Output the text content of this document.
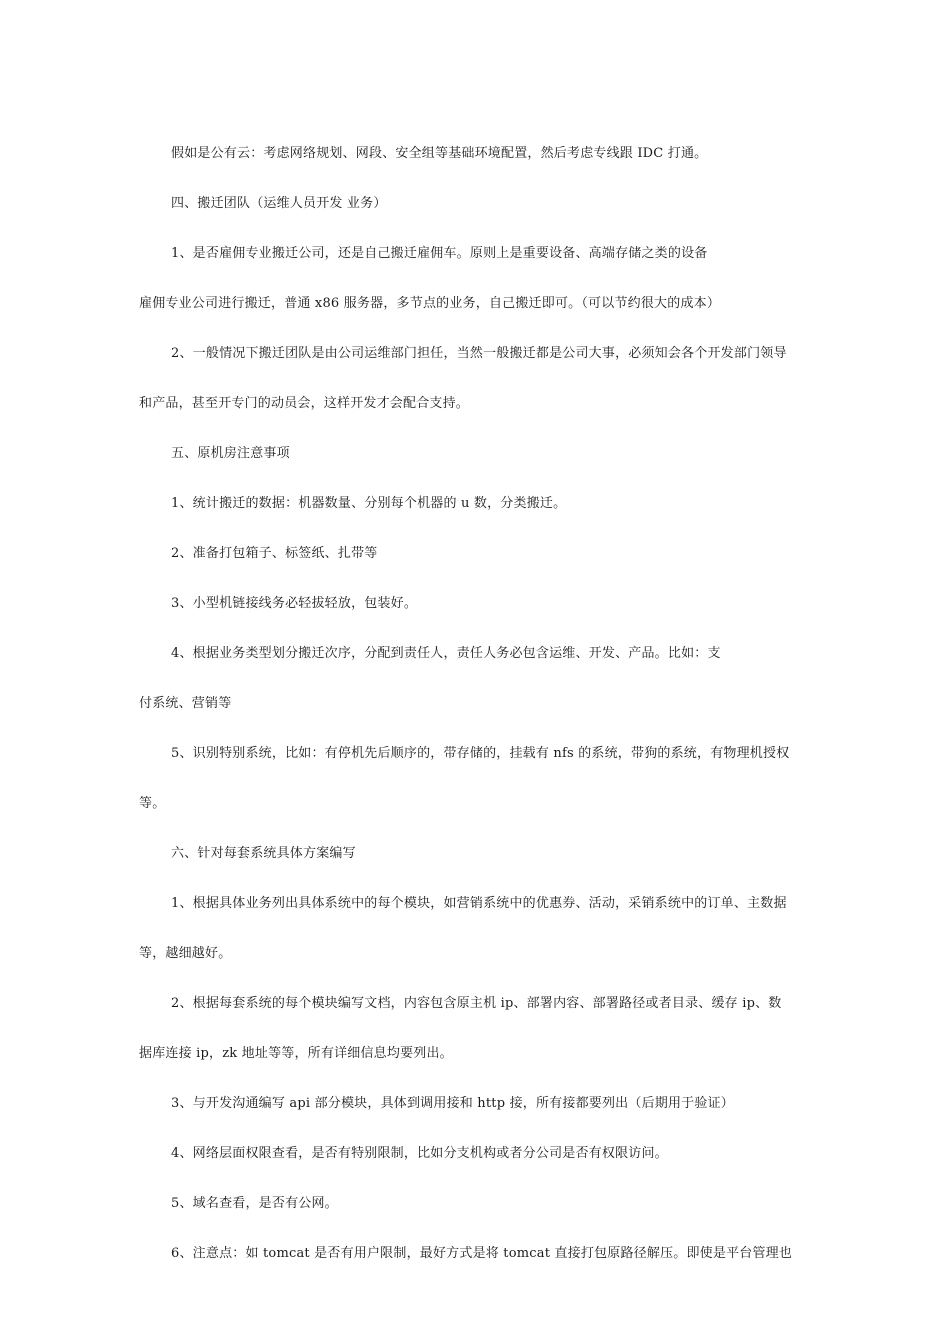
假如是公有云：考虑网络规划、网段、安全组等基础环境配置，然后考虑专线跟 IDC 打通。
四、搬迁团队（运维人员开发 业务）
1、是否雇佣专业搬迁公司，还是自己搬迁雇佣车。原则上是重要设备、高端存储之类的设备
雇佣专业公司进行搬迁，普通 x86 服务器，多节点的业务，自己搬迁即可。（可以节约很大的成本）
2、一般情况下搬迁团队是由公司运维部门担任，当然一般搬迁都是公司大事，必须知会各个开发部门领导
和产品，甚至开专门的动员会，这样开发才会配合支持。
五、原机房注意事项
1、统计搬迁的数据：机器数量、分别每个机器的 u 数，分类搬迁。
2、准备打包箱子、标签纸、扎带等
3、小型机链接线务必轻拔轻放，包装好。
4、根据业务类型划分搬迁次序，分配到责任人，责任人务必包含运维、开发、产品。比如：支
付系统、营销等
5、识别特别系统，比如：有停机先后顺序的，带存储的，挂载有 nfs 的系统，带狗的系统，有物理机授权
等。
六、针对每套系统具体方案编写
1、根据具体业务列出具体系统中的每个模块，如营销系统中的优惠券、活动，采销系统中的订单、主数据
等，越细越好。
2、根据每套系统的每个模块编写文档，内容包含原主机 ip、部署内容、部署路径或者目录、缓存 ip、数
据库连接 ip，zk 地址等等，所有详细信息均要列出。
3、与开发沟通编写 api 部分模块，具体到调用接和 http 接，所有接都要列出（后期用于验证）
4、网络层面权限查看，是否有特别限制，比如分支机构或者分公司是否有权限访问。
5、域名查看，是否有公网。
6、注意点：如 tomcat 是否有用户限制，最好方式是将 tomcat 直接打包原路径解压。即使是平台管理也
